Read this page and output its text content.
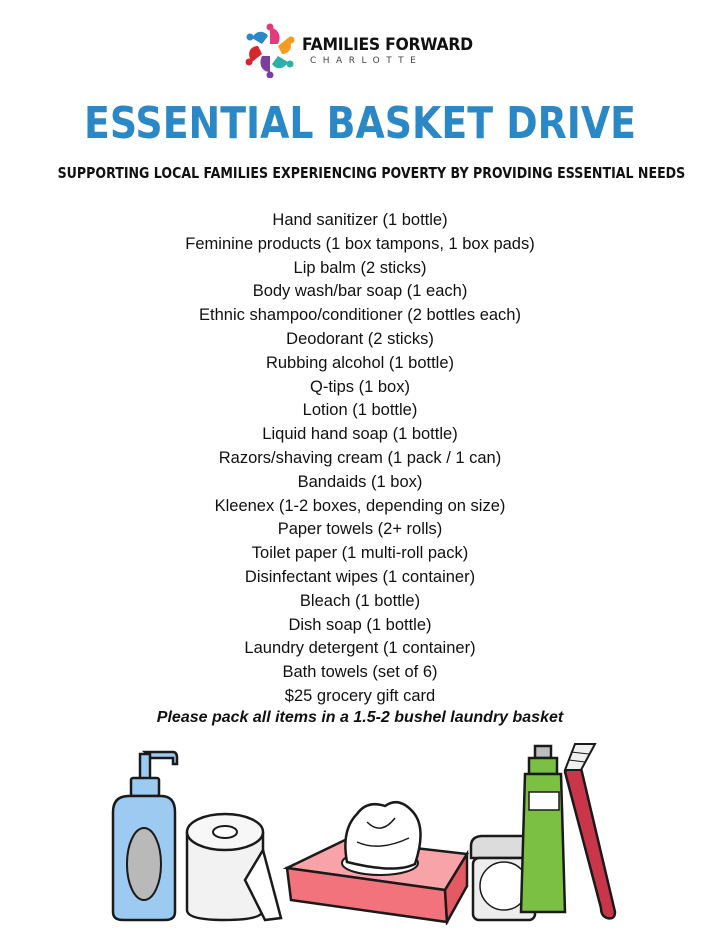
FAMILIES FORWARD
CHARLOTTE
ESSENTIAL BASKET DRIVE
SUPPORTING LOCAL FAMILIES EXPERIENCING POVERTY BY PROVIDING ESSENTIAL NEEDS
Hand sanitizer (1 bottle)
Feminine products (1 box tampons, 1 box pads)
Lip balm (2 sticks)
Body wash/bar soap (1 each)
Ethnic shampoo/conditioner (2 bottles each)
Deodorant (2 sticks)
Rubbing alcohol (1 bottle)
Q-tips (1 box)
Lotion (1 bottle)
Liquid hand soap (1 bottle)
Razors/shaving cream (1 pack / 1 can)
Bandaids (1 box)
Kleenex (1-2 boxes, depending on size)
Paper towels (2+ rolls)
Toilet paper (1 multi-roll pack)
Disinfectant wipes (1 container)
Bleach (1 bottle)
Dish soap (1 bottle)
Laundry detergent (1 container)
Bath towels (set of 6)
$25 grocery gift card
Please pack all items in a 1.5-2 bushel laundry basket
